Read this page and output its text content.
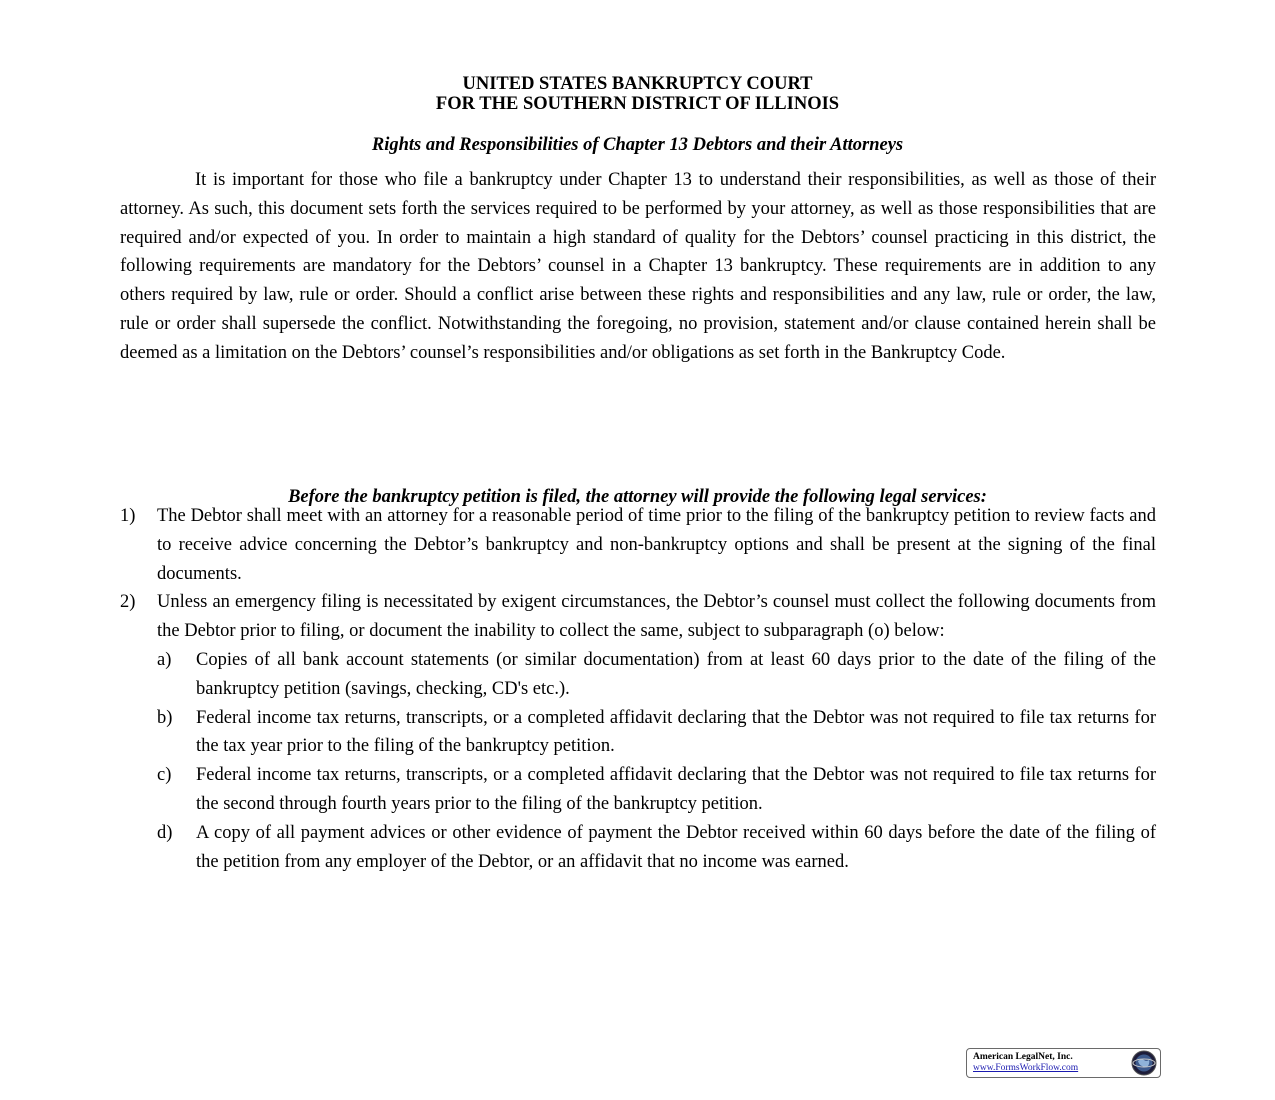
UNITED STATES BANKRUPTCY COURT
FOR THE SOUTHERN DISTRICT OF ILLINOIS
Rights and Responsibilities of Chapter 13 Debtors and their Attorneys

It is important for those who file a bankruptcy under Chapter 13 to understand their responsibilities, as well as those of their attorney. As such, this document sets forth the services required to be performed by your attorney, as well as those responsibilities that are required and/or expected of you. In order to maintain a high standard of quality for the Debtors’ counsel practicing in this district, the following requirements are mandatory for the Debtors’ counsel in a Chapter 13 bankruptcy. These requirements are in addition to any others required by law, rule or order. Should a conflict arise between these rights and responsibilities and any law, rule or order, the law, rule or order shall supersede the conflict. Notwithstanding the foregoing, no provision, statement and/or clause contained herein shall be deemed as a limitation on the Debtors’ counsel’s responsibilities and/or obligations as set forth in the Bankruptcy Code.

Before the bankruptcy petition is filed, the attorney will provide the following legal services:
1) The Debtor shall meet with an attorney for a reasonable period of time prior to the filing of the bankruptcy petition to review facts and to receive advice concerning the Debtor’s bankruptcy and non-bankruptcy options and shall be present at the signing of the final documents.
2) Unless an emergency filing is necessitated by exigent circumstances, the Debtor’s counsel must collect the following documents from the Debtor prior to filing, or document the inability to collect the same, subject to subparagraph (o) below:
a) Copies of all bank account statements (or similar documentation) from at least 60 days prior to the date of the filing of the bankruptcy petition (savings, checking, CD's etc.).
b) Federal income tax returns, transcripts, or a completed affidavit declaring that the Debtor was not required to file tax returns for the tax year prior to the filing of the bankruptcy petition.
c) Federal income tax returns, transcripts, or a completed affidavit declaring that the Debtor was not required to file tax returns for the second through fourth years prior to the filing of the bankruptcy petition.
d) A copy of all payment advices or other evidence of payment the Debtor received within 60 days before the date of the filing of the petition from any employer of the Debtor, or an affidavit that no income was earned.
American LegalNet, Inc.
www.FormsWorkFlow.com
